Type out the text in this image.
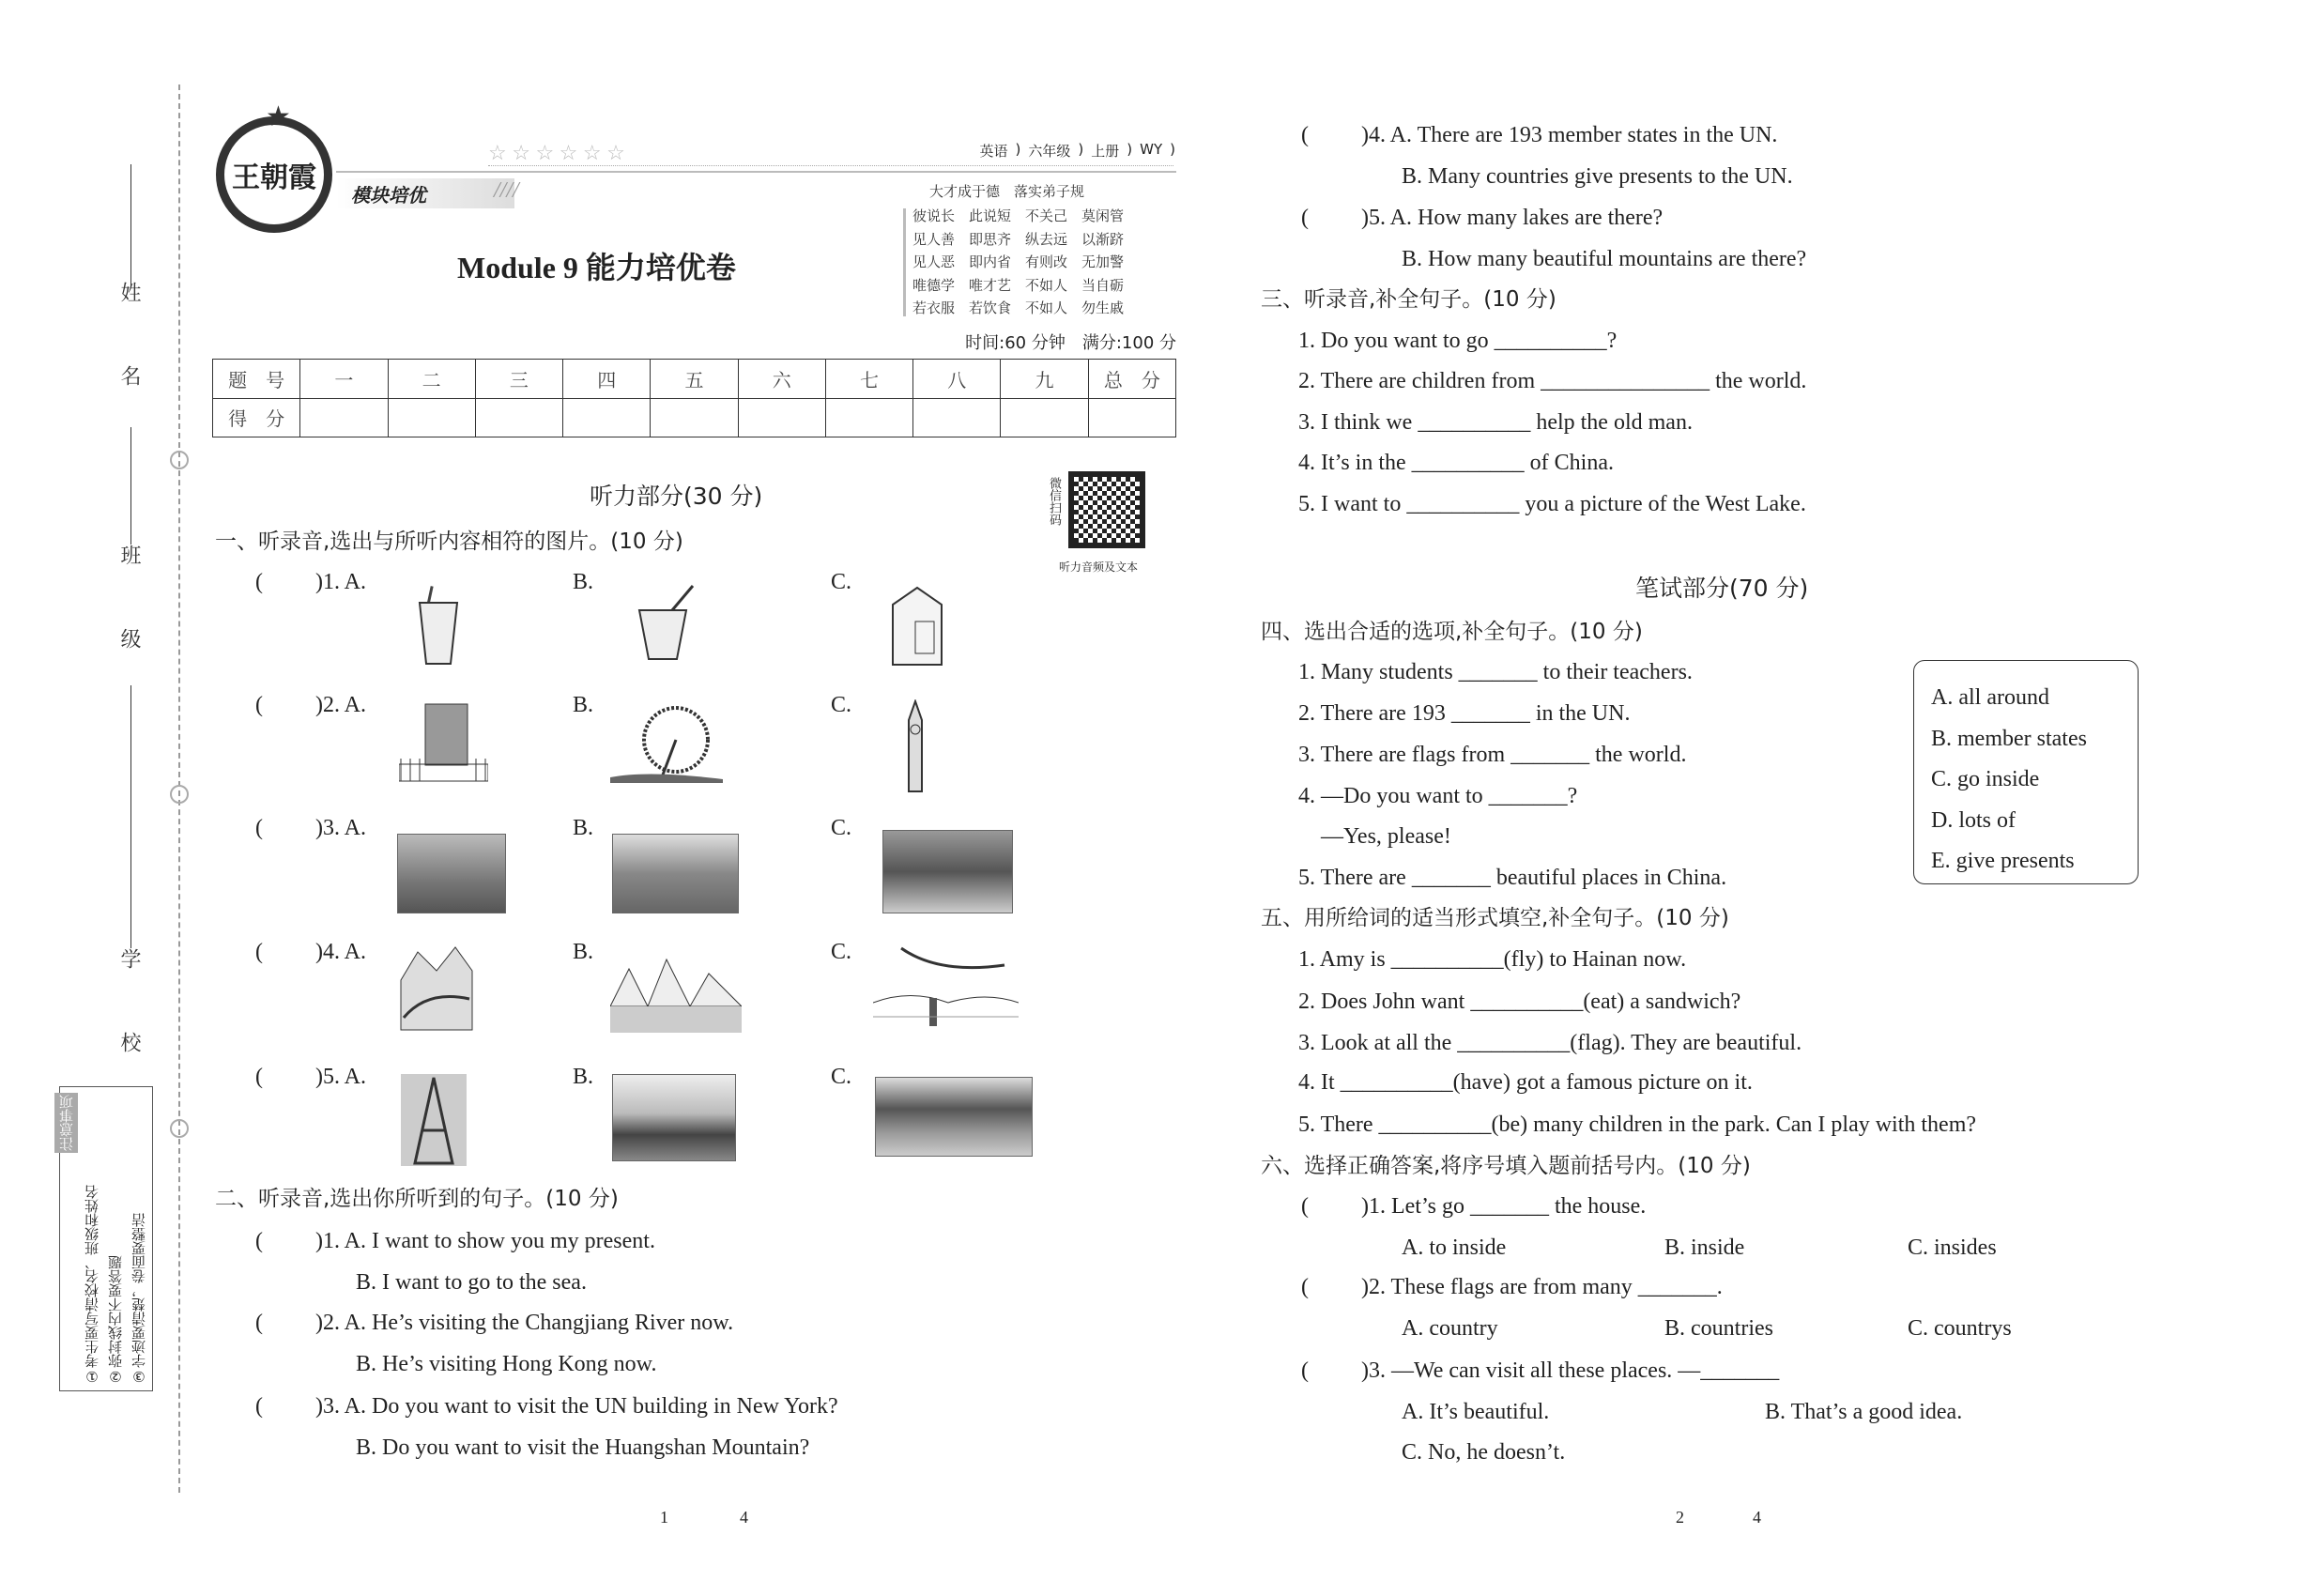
姓 名
班 级
学 校
注意事项
①考生要写清校名、班级和姓名 ②弥封线内不要答题 ③字迹要清楚，卷面要整洁
★
王朝霞
☆ ☆ ☆ ☆ ☆ ☆	英语 ) 六年级 ) 上册 ) WY )
模块培优	////
Module 9 能力培优卷
大才成于德　落实弟子规
彼说长　此说短　不关己　莫闲管
见人善　即思齐　纵去远　以渐跻
见人恶　即内省　有则改　无加警
唯德学　唯才艺　不如人　当自砺
若衣服　若饮食　不如人　勿生戚
时间:60 分钟　满分:100 分
题　号	一	二	三	四	五	六	七	八	九	总　分
得　分										
听力部分(30 分)	微信扫码
听力音频及文本
一、听录音,选出与所听内容相符的图片。(10 分)
( )1. A.	B.	C.
( )2. A.	B.	C.
( )3. A.	B.	C.
( )4. A.	B.	C.
( )5. A.	B.	C.
二、听录音,选出你所听到的句子。(10 分)
( )1. A. I want to show you my present.
B. I want to go to the sea.
( )2. A. He’s visiting the Changjiang River now.
B. He’s visiting Hong Kong now.
( )3. A. Do you want to visit the UN building in New York?
B. Do you want to visit the Huangshan Mountain?
( )4. A. There are 193 member states in the UN.
B. Many countries give presents to the UN.
( )5. A. How many lakes are there?
B. How many beautiful mountains are there?
三、听录音,补全句子。(10 分)
1. Do you want to go __________?
2. There are children from _______________ the world.
3. I think we __________ help the old man.
4. It’s in the __________ of China.
5. I want to __________ you a picture of the West Lake.
笔试部分(70 分)
四、选出合适的选项,补全句子。(10 分)
1. Many students _______ to their teachers.
2. There are 193 _______ in the UN.
3. There are flags from _______ the world.
4. —Do you want to _______?
　—Yes, please!
5. There are _______ beautiful places in China.
A. all around
B. member states
C. go inside
D. lots of
E. give presents
五、用所给词的适当形式填空,补全句子。(10 分)
1. Amy is __________(fly) to Hainan now.
2. Does John want __________(eat) a sandwich?
3. Look at all the __________(flag). They are beautiful.
4. It __________(have) got a famous picture on it.
5. There __________(be) many children in the park. Can I play with them?
六、选择正确答案,将序号填入题前括号内。(10 分)
( )1. Let’s go _______ the house.
A. to inside	B. inside	C. insides
( )2. These flags are from many _______.
A. country	B. countries	C. countrys
( )3. —We can visit all these places. —_______
A. It’s beautiful.	B. That’s a good idea.
C. No, he doesn’t.
1	4	2	4
